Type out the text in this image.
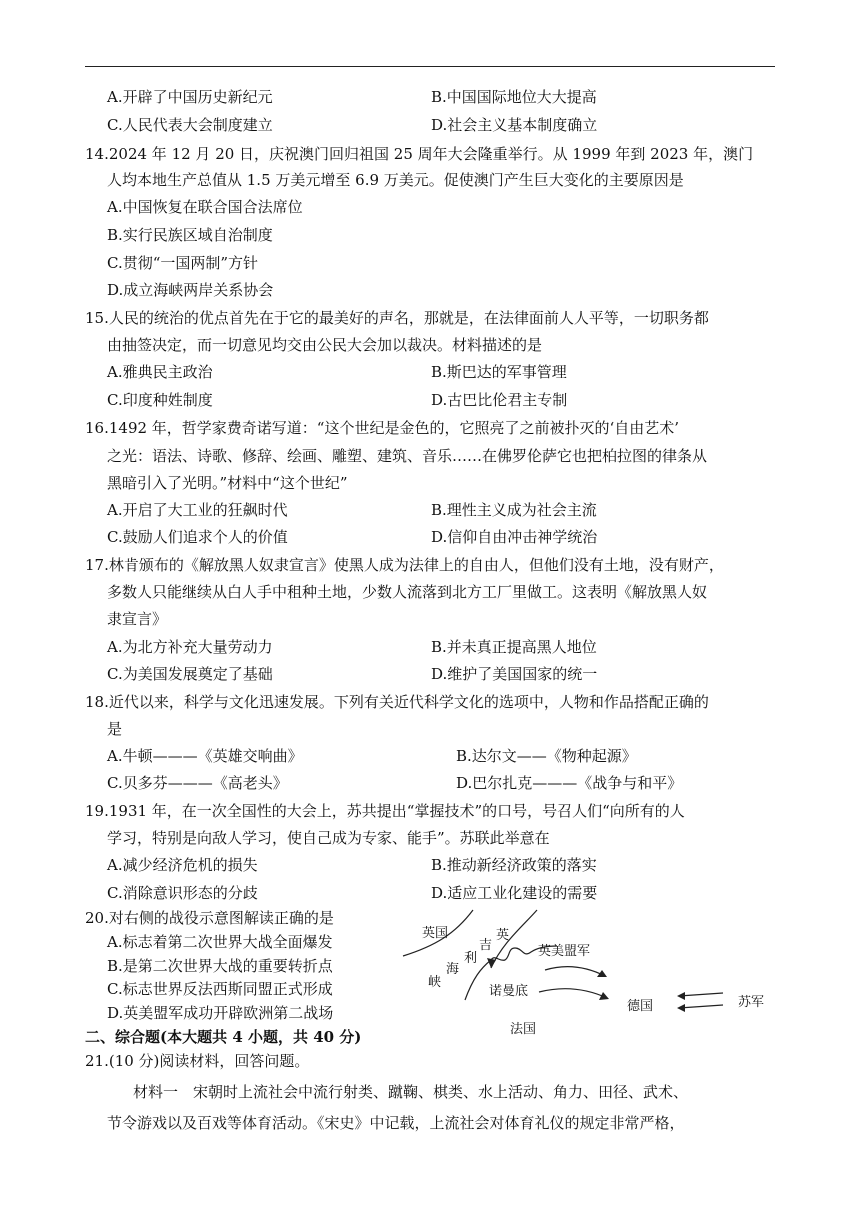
A.开辟了中国历史新纪元	B.中国国际地位大大提高
C.人民代表大会制度建立	D.社会主义基本制度确立
14.2024 年 12 月 20 日，庆祝澳门回归祖国 25 周年大会隆重举行。从 1999 年到 2023 年，澳门
人均本地生产总值从 1.5 万美元增至 6.9 万美元。促使澳门产生巨大变化的主要原因是
A.中国恢复在联合国合法席位
B.实行民族区域自治制度
C.贯彻“一国两制”方针
D.成立海峡两岸关系协会
15.人民的统治的优点首先在于它的最美好的声名，那就是，在法律面前人人平等，一切职务都
由抽签决定，而一切意见均交由公民大会加以裁决。材料描述的是
A.雅典民主政治	B.斯巴达的军事管理
C.印度种姓制度	D.古巴比伦君主专制
16.1492 年，哲学家费奇诺写道：“这个世纪是金色的，它照亮了之前被扑灭的‘自由艺术’
之光：语法、诗歌、修辞、绘画、雕塑、建筑、音乐……在佛罗伦萨它也把柏拉图的律条从
黑暗引入了光明。”材料中“这个世纪”
A.开启了大工业的狂飙时代	B.理性主义成为社会主流
C.鼓励人们追求个人的价值	D.信仰自由冲击神学统治
17.林肯颁布的《解放黑人奴隶宣言》使黑人成为法律上的自由人，但他们没有土地，没有财产，
多数人只能继续从白人手中租种土地，少数人流落到北方工厂里做工。这表明《解放黑人奴
隶宣言》
A.为北方补充大量劳动力	B.并未真正提高黑人地位
C.为美国发展奠定了基础	D.维护了美国国家的统一
18.近代以来，科学与文化迅速发展。下列有关近代科学文化的选项中，人物和作品搭配正确的
是
A.牛顿———《英雄交响曲》	B.达尔文——《物种起源》
C.贝多芬———《高老头》	D.巴尔扎克———《战争与和平》
19.1931 年，在一次全国性的大会上，苏共提出“掌握技术”的口号，号召人们“向所有的人
学习，特别是向敌人学习，使自己成为专家、能手”。苏联此举意在
A.减少经济危机的损失	B.推动新经济政策的落实
C.消除意识形态的分歧	D.适应工业化建设的需要
20.对右侧的战役示意图解读正确的是
A.标志着第二次世界大战全面爆发
B.是第二次世界大战的重要转折点
C.标志世界反法西斯同盟正式形成
D.英美盟军成功开辟欧洲第二战场
英国	英
吉
利
海
峡
英美盟军
诺曼底
法国
德国	苏军
二、综合题(本大题共 4 小题，共 40 分)
21.(10 分)阅读材料，回答问题。
材料一　宋朝时上流社会中流行射类、蹴鞠、棋类、水上活动、角力、田径、武术、
节令游戏以及百戏等体育活动。《宋史》中记载，上流社会对体育礼仪的规定非常严格，
